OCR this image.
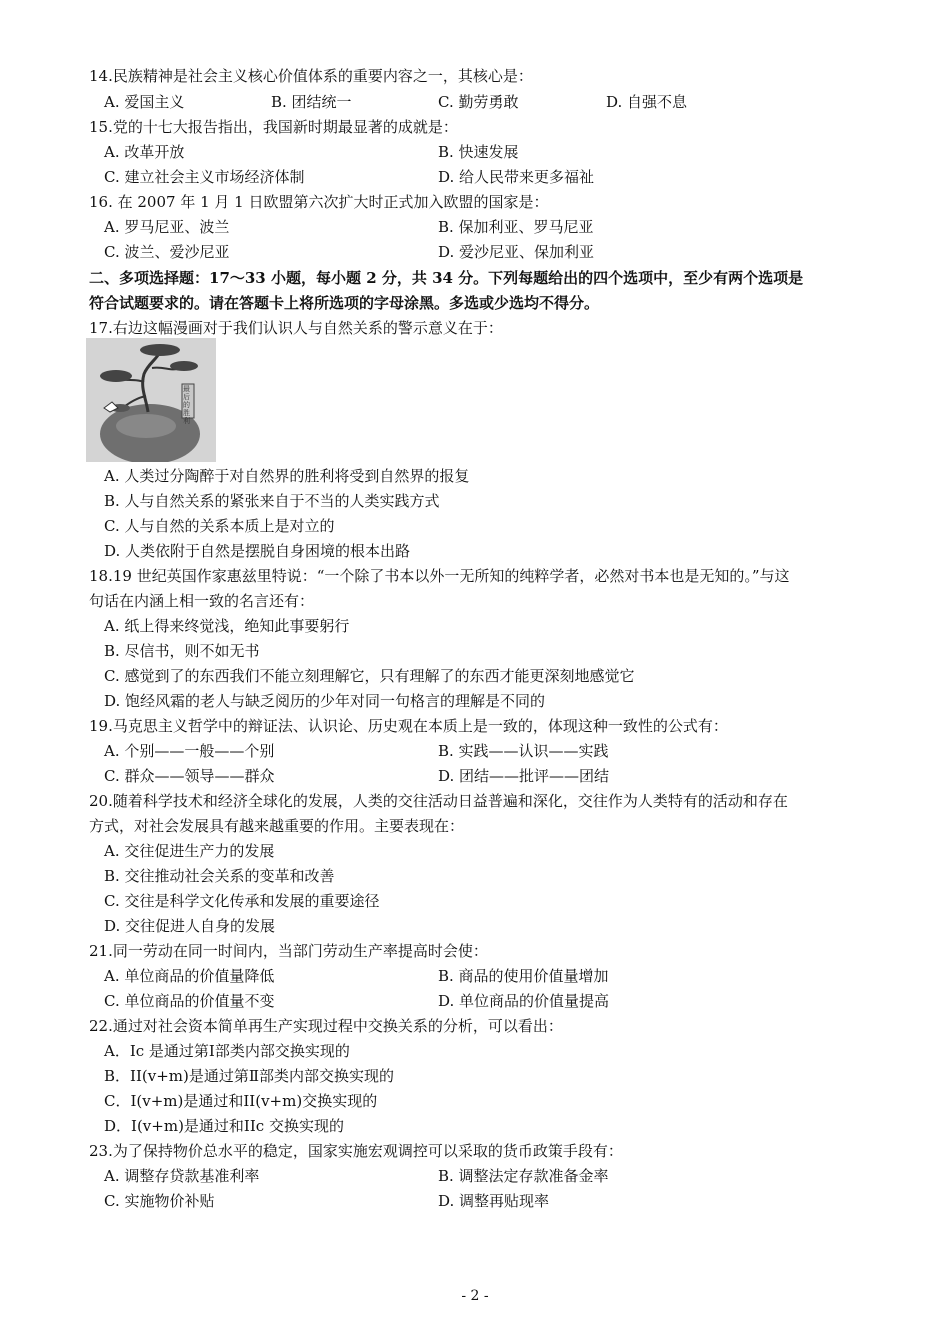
14.民族精神是社会主义核心价值体系的重要内容之一，其核心是：
A. 爱国主义	B. 团结统一	C. 勤劳勇敢	D. 自强不息
15.党的十七大报告指出，我国新时期最显著的成就是：
A. 改革开放	B. 快速发展
C. 建立社会主义市场经济体制	D. 给人民带来更多福祉
16. 在 2007 年 1 月 1 日欧盟第六次扩大时正式加入欧盟的国家是：
A. 罗马尼亚、波兰	B. 保加利亚、罗马尼亚
C. 波兰、爱沙尼亚	D. 爱沙尼亚、保加利亚
二、多项选择题：17～33 小题，每小题 2 分，共 34 分。下列每题给出的四个选项中，至少有两个选项是
符合试题要求的。请在答题卡上将所选项的字母涂黑。多选或少选均不得分。
17.右边这幅漫画对于我们认识人与自然关系的警示意义在于：
最后的胜利
A. 人类过分陶醉于对自然界的胜利将受到自然界的报复
B. 人与自然关系的紧张来自于不当的人类实践方式
C. 人与自然的关系本质上是对立的
D. 人类依附于自然是摆脱自身困境的根本出路
18.19 世纪英国作家惠兹里特说：“一个除了书本以外一无所知的纯粹学者，必然对书本也是无知的。”与这
句话在内涵上相一致的名言还有：
A. 纸上得来终觉浅，绝知此事要躬行
B. 尽信书，则不如无书
C. 感觉到了的东西我们不能立刻理解它，只有理解了的东西才能更深刻地感觉它
D. 饱经风霜的老人与缺乏阅历的少年对同一句格言的理解是不同的
19.马克思主义哲学中的辩证法、认识论、历史观在本质上是一致的，体现这种一致性的公式有：
A. 个别——一般——个别	B. 实践——认识——实践
C. 群众——领导——群众	D. 团结——批评——团结
20.随着科学技术和经济全球化的发展，人类的交往活动日益普遍和深化，交往作为人类特有的活动和存在
方式，对社会发展具有越来越重要的作用。主要表现在：
A. 交往促进生产力的发展
B. 交往推动社会关系的变革和改善
C. 交往是科学文化传承和发展的重要途径
D. 交往促进人自身的发展
21.同一劳动在同一时间内，当部门劳动生产率提高时会使：
A. 单位商品的价值量降低	B. 商品的使用价值量增加
C. 单位商品的价值量不变	D. 单位商品的价值量提高
22.通过对社会资本简单再生产实现过程中交换关系的分析，可以看出：
A．Ic 是通过第Ⅰ部类内部交换实现的
B．II(v+m)是通过第Ⅱ部类内部交换实现的
C．I(v+m)是通过和II(v+m)交换实现的
D．I(v+m)是通过和IIc 交换实现的
23.为了保持物价总水平的稳定，国家实施宏观调控可以采取的货币政策手段有：
A. 调整存贷款基准利率	B. 调整法定存款准备金率
C. 实施物价补贴	D. 调整再贴现率
- 2 -
